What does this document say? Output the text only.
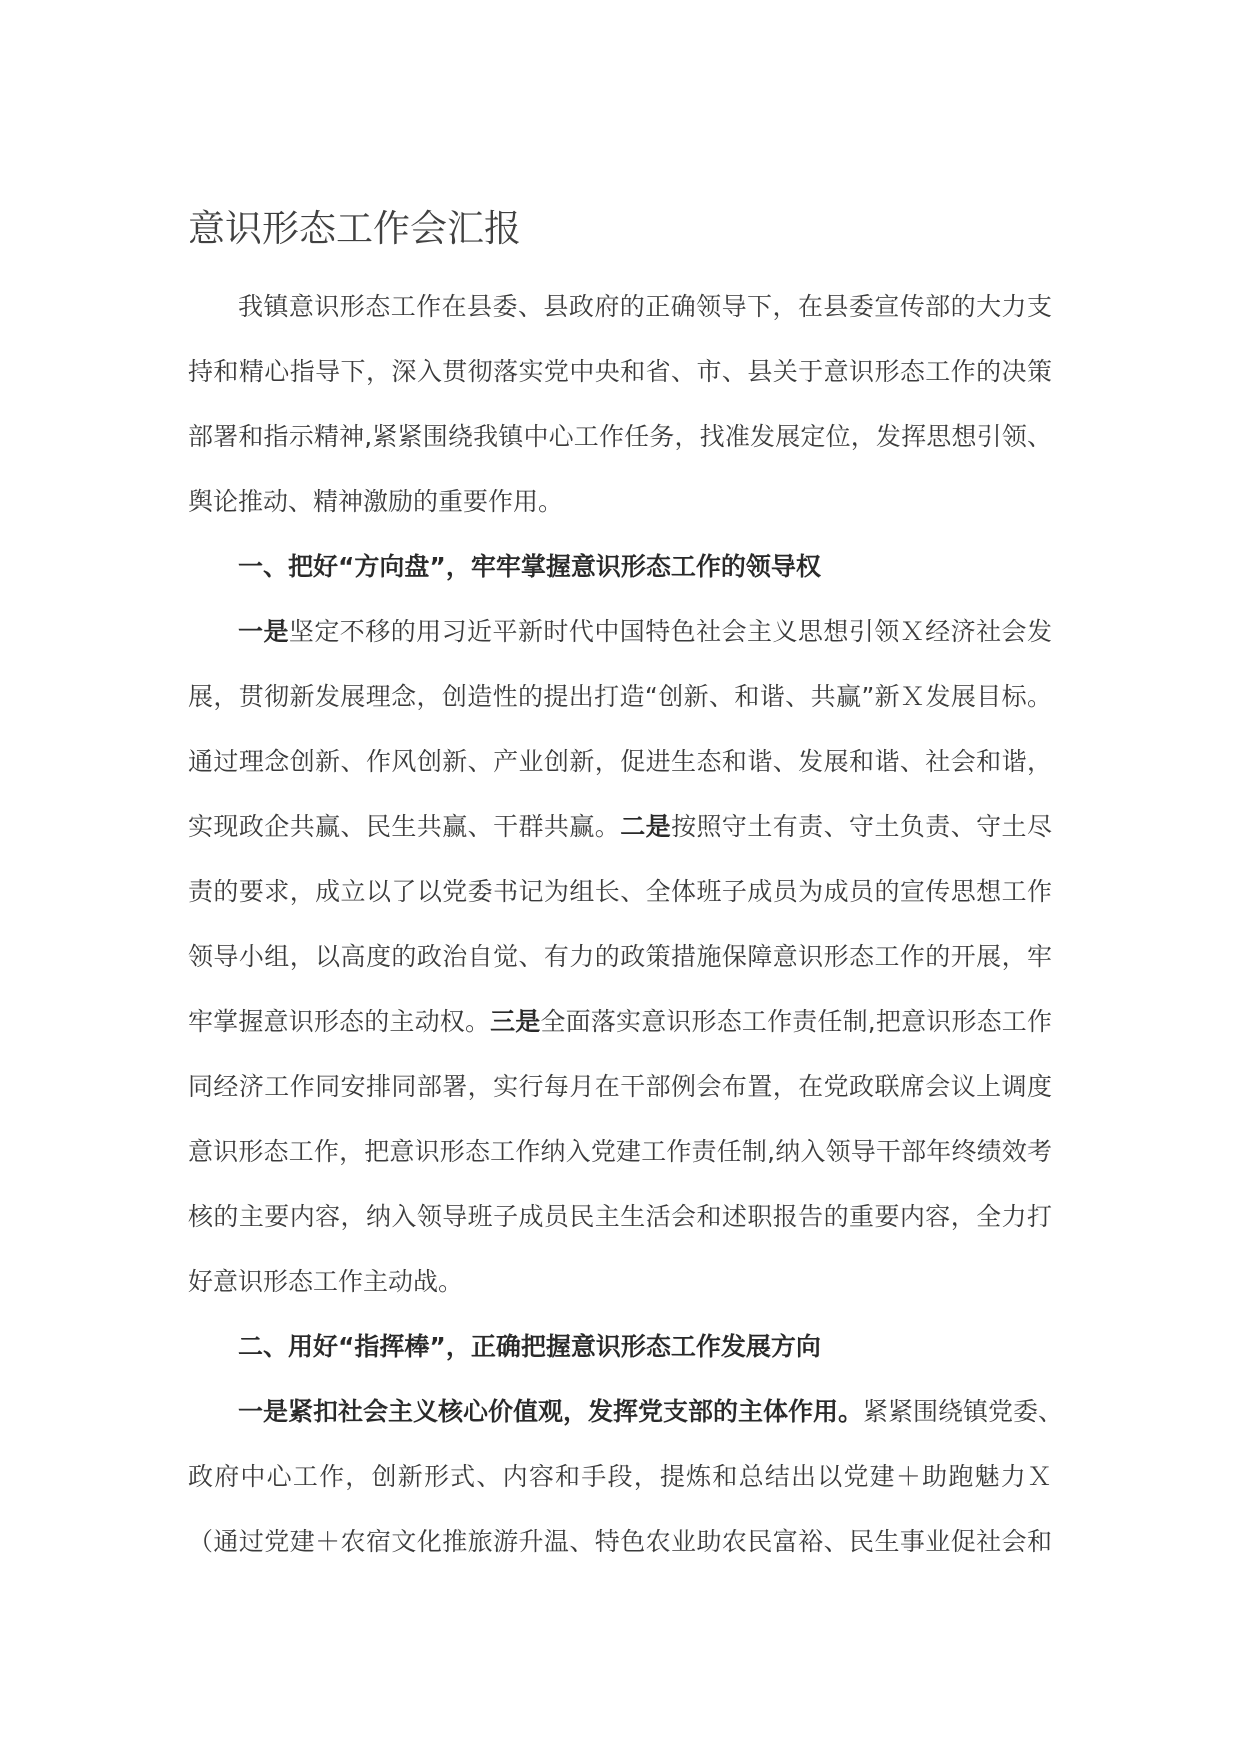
意识形态工作会汇报
我镇意识形态工作在县委、县政府的正确领导下，在县委宣传部的大力支
持和精心指导下，深入贯彻落实党中央和省、市、县关于意识形态工作的决策
部署和指示精神,紧紧围绕我镇中心工作任务，找准发展定位，发挥思想引领、
舆论推动、精神激励的重要作用。
一、把好“方向盘”，牢牢掌握意识形态工作的领导权
一是坚定不移的用习近平新时代中国特色社会主义思想引领Ｘ经济社会发
展，贯彻新发展理念，创造性的提出打造“创新、和谐、共赢”新Ｘ发展目标。
通过理念创新、作风创新、产业创新，促进生态和谐、发展和谐、社会和谐，
实现政企共赢、民生共赢、干群共赢。二是按照守土有责、守土负责、守土尽
责的要求，成立以了以党委书记为组长、全体班子成员为成员的宣传思想工作
领导小组，以高度的政治自觉、有力的政策措施保障意识形态工作的开展，牢
牢掌握意识形态的主动权。三是全面落实意识形态工作责任制,把意识形态工作
同经济工作同安排同部署，实行每月在干部例会布置，在党政联席会议上调度
意识形态工作，把意识形态工作纳入党建工作责任制,纳入领导干部年终绩效考
核的主要内容，纳入领导班子成员民主生活会和述职报告的重要内容，全力打
好意识形态工作主动战。
二、用好“指挥棒”，正确把握意识形态工作发展方向
一是紧扣社会主义核心价值观，发挥党支部的主体作用。紧紧围绕镇党委、
政府中心工作，创新形式、内容和手段，提炼和总结出以党建＋助跑魅力Ｘ
（通过党建＋农宿文化推旅游升温、特色农业助农民富裕、民生事业促社会和
